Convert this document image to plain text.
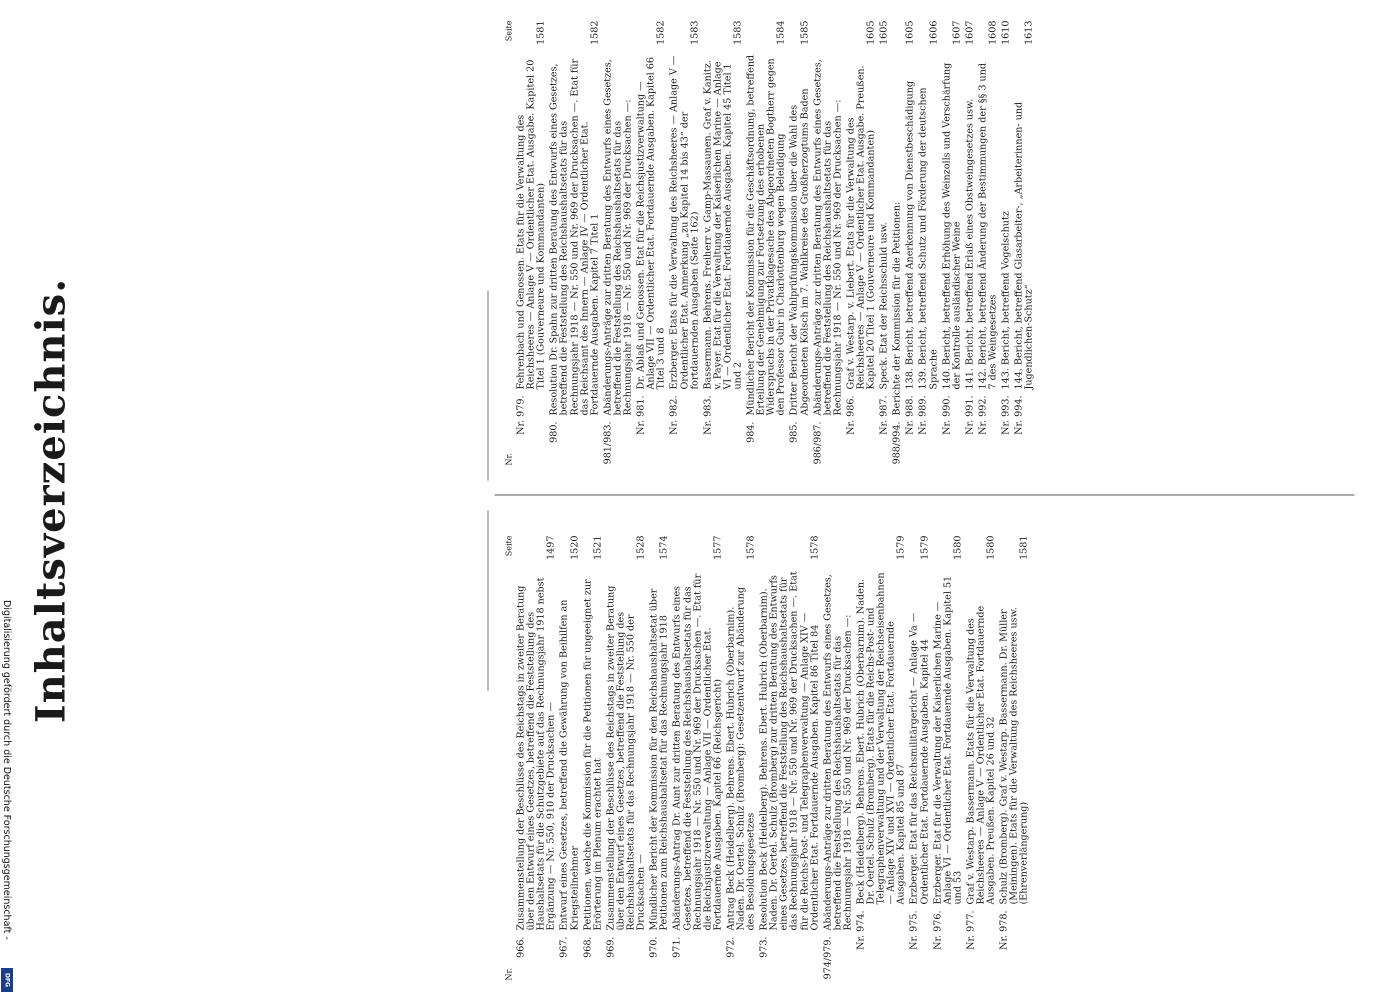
Inhaltsverzeichnis.
Nr.
Seite
966.
Zusammenstellung der Beschlüsse des Reichstags in zweiter Beratung über den Entwurf eines Gesetzes, betreffend die Feststellung des Haushaltsetats für die Schutzgebiete auf das Rechnungsjahr 1918 nebst Ergänzung — Nr. 550, 910 der Drucksachen —
1497
967.
Entwurf eines Gesetzes, betreffend die Gewährung von Beihilfen an Kriegsteilnehmer
1520
968.
Petitionen, welche die Kommission für die Petitionen für ungeeignet zur Erörterung im Plenum erachtet hat
1521
969.
Zusammenstellung der Beschlüsse des Reichstags in zweiter Beratung über den Entwurf eines Gesetzes, betreffend die Feststellung des Reichshaushaltsetats für das Rechnungsjahr 1918 — Nr. 550 der Drucksachen —
1528
970.
Mündlicher Bericht der Kommission für den Reichshaushaltsetat über Petitionen zum Reichshaushaltsetat für das Rechnungsjahr 1918
1574
971.
Abänderungs-Antrag Dr. Aunt zur dritten Beratung des Entwurfs eines Gesetzes, betreffend die Feststellung des Reichshaushaltsetats für das Rechnungsjahr 1918 — Nr. 550 und Nr. 969 der Drucksachen —. Etat für die Reichsjustizverwaltung — Anlage VII — Ordentlicher Etat. Fortdauernde Ausgaben. Kapitel 66 (Reichsgericht)
1577
972.
Antrag Beck (Heidelberg). Behrens. Ebert. Hubrich (Oberbarnim). Naden. Dr. Oertel. Schulz (Bromberg): Gesetzentwurf zur Abänderung des Besoldungsgesetzes
1578
973.
Resolution Beck (Heidelberg). Behrens. Ebert. Hubrich (Oberbarnim). Naden. Dr. Oertel. Schulz (Bromberg) zur dritten Beratung des Entwurfs eines Gesetzes, betreffend die Feststellung des Reichshaushaltsetats für das Rechnungsjahr 1918 — Nr. 550 und Nr. 969 der Drucksachen —. Etat für die Reichs-Post- und Telegraphenverwaltung — Anlage XIV — Ordentlicher Etat. Fortdauernde Ausgaben. Kapitel 86 Titel 84
1578
974/979.
Abänderungs-Anträge zur dritten Beratung des Entwurfs eines Gesetzes, betreffend die Feststellung des Reichshaushaltsetats für das Rechnungsjahr 1918 — Nr. 550 und Nr. 969 der Drucksachen —: Nr. 974.
Beck (Heidelberg). Behrens. Ebert. Hubrich (Oberbarnim). Naden. Dr. Oertel. Schulz (Bromberg). Etats für die Reichs-Post- und Telegraphenverwaltung und der Verwaltung der Reichseisenbahnen — Anlage XIV und XVI — Ordentlicher Etat. Fortdauernde Ausgaben. Kapitel 85 und 87
1579
Nr. 975.
Erzberger. Etat für das Reichsmilitärgericht — Anlage Va — Ordentlicher Etat. Fortdauernde Ausgaben. Kapitel 44
1579
Nr. 976.
Erzberger. Etat für die Verwaltung der Kaiserlichen Marine — Anlage VI — Ordentlicher Etat. Fortdauernde Ausgaben. Kapitel 51 und 53
1580
Nr. 977.
Graf v. Westarp. Bassermann. Etats für die Verwaltung des Reichsheeres — Anlage V — Ordentlicher Etat. Fortdauernde Ausgaben. Preußen. Kapitel 26 und 32
1580
Nr. 978.
Schulz (Bromberg). Graf v. Westarp. Bassermann. Dr. Müller (Meiningen). Etats für die Verwaltung des Reichsheeres usw. (Ehrenverlängerung)
1581
Nr.
Seite
Nr. 979.
Fehrenbach und Genossen. Etats für die Verwaltung des Reichsheeres — Anlage V — Ordentlicher Etat. Ausgabe. Kapitel 20 Titel 1 (Gouverneure und Kommandanten)
1581
980.
Resolution Dr. Spahn zur dritten Beratung des Entwurfs eines Gesetzes, betreffend die Feststellung des Reichshaushaltsetats für das Rechnungsjahr 1918 — Nr. 550 und Nr. 969 der Drucksachen —. Etat für das Reichsamt des Innern — Anlage IV — Ordentlicher Etat. Fortdauernde Ausgaben. Kapitel 7 Titel 1
1582
981/983.
Abänderungs-Anträge zur dritten Beratung des Entwurfs eines Gesetzes, betreffend die Feststellung des Reichshaushaltsetats für das Rechnungsjahr 1918 — Nr. 550 und Nr. 969 der Drucksachen —: Nr. 981.
Dr. Ablaß und Genossen. Etat für die Reichsjustizverwaltung — Anlage VII — Ordentlicher Etat. Fortdauernde Ausgaben. Kapitel 66 Titel 3 und 8
1582
Nr. 982.
Erzberger. Etats für die Verwaltung des Reichsheeres — Anlage V — Ordentlicher Etat. Anmerkung „zu Kapitel 14 bis 43“ der fortdauernden Ausgaben (Seite 162)
1583
Nr. 983.
Bassermann. Behrens. Freiherr v. Gamp-Massaunen. Graf v. Kanitz. v. Payer. Etat für die Verwaltung der Kaiserlichen Marine — Anlage VI — Ordentlicher Etat. Fortdauernde Ausgaben. Kapitel 45 Titel 1 und 2
1583
984.
Mündlicher Bericht der Kommission für die Geschäftsordnung, betreffend Erteilung der Genehmigung zur Fortsetzung des erhobenen Widerspruchs in der Privatklagesache des Abgeordneten Bogtherr gegen den Professor Guhr in Charlottenburg wegen Beleidigung
1584
985.
Dritter Bericht der Wahlprüfungskommission über die Wahl des Abgeordneten Kölsch im 7. Wahlkreise des Großherzogtums Baden
1585
986/987.
Abänderungs-Anträge zur dritten Beratung des Entwurfs eines Gesetzes, betreffend die Feststellung des Reichshaushaltsetats für das Rechnungsjahr 1918 — Nr. 550 und Nr. 969 der Drucksachen —: Nr. 986.
Graf v. Westarp. v. Liebert. Etats für die Verwaltung des Reichsheeres — Anlage V — Ordentlicher Etat. Ausgabe. Preußen. Kapitel 20 Titel 1 (Gouverneure und Kommandanten)
1605
Nr. 987.
Speck. Etat der Reichsschuld usw.
1605
988/994.
Berichte der Kommission für die Petitionen: Nr. 988.
138. Bericht, betreffend Anerkennung von Dienstbeschädigung
1605
Nr. 989.
139. Bericht, betreffend Schutz und Förderung der deutschen Sprache
1606
Nr. 990.
140. Bericht, betreffend Erhöhung des Weinzolls und Verschärfung der Kontrolle ausländischer Weine
1607
Nr. 991.
141. Bericht, betreffend Erlaß eines Obstweingesetzes usw.
1607
Nr. 992.
142. Bericht, betreffend Änderung der Bestimmungen der §§ 3 und 7 des Weingesetzes
1608
Nr. 993.
143. Bericht, betreffend Vogelschutz
1610
Nr. 994.
144. Bericht, betreffend Glasarbeiter-, „Arbeiterinnen- und Jugendlichen-Schutz“
1613
Digitalisierung gefördert durch die Deutsche Forschungsgemeinschaft -
DFG
